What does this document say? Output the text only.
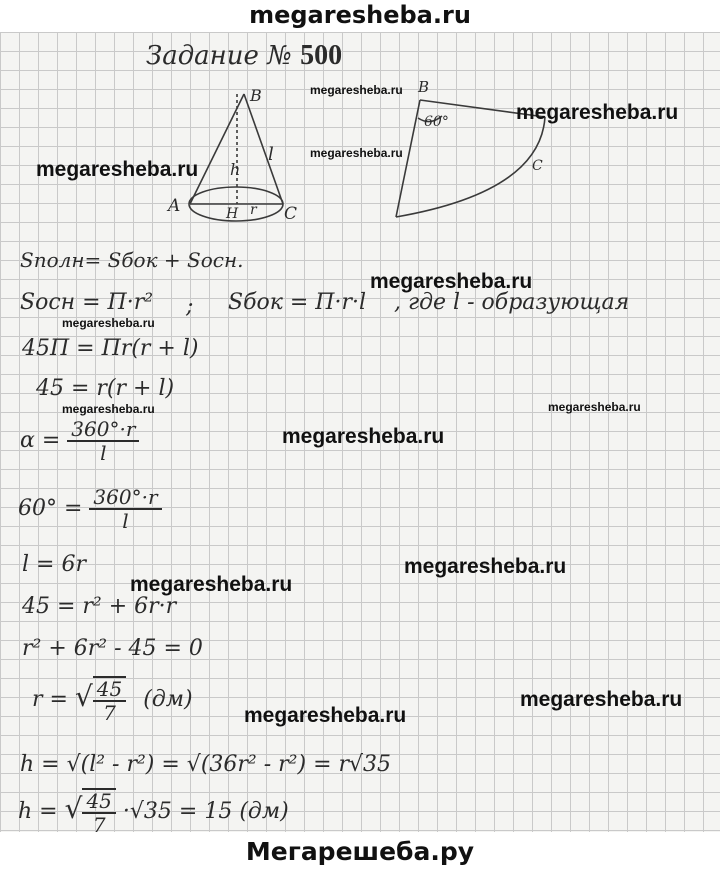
megaresheba.ru
Задание № 500
B
A	C
h
l
H r
B
C
60°
megaresheba.ru
megaresheba.ru
megaresheba.ru
megaresheba.ru
megaresheba.ru
megaresheba.ru
megaresheba.ru	megaresheba.ru
megaresheba.ru
megaresheba.ru
megaresheba.ru
megaresheba.ru
megaresheba.ru
Sполн= Sбок + Sосн.
Sосн = П·r² ; Sбок = П·r·l , где l - образующая
45П = Пr(r + l)
45 = r(r + l)
$\alpha = \frac{360^\circ\cdot r}{l}$
$60^\circ = \frac{360^\circ\cdot r}{l}$
l = 6r
45 = r² + 6r·r
r² + 6r² - 45 = 0
r = √ $\frac{45}{7} (дм)$
h = √(l² - r²) = √(36r² - r²) = r√35
h = √ $\frac{45}{7} \cdot√35 = 15$ (дм)
Мегарешеба.ру
